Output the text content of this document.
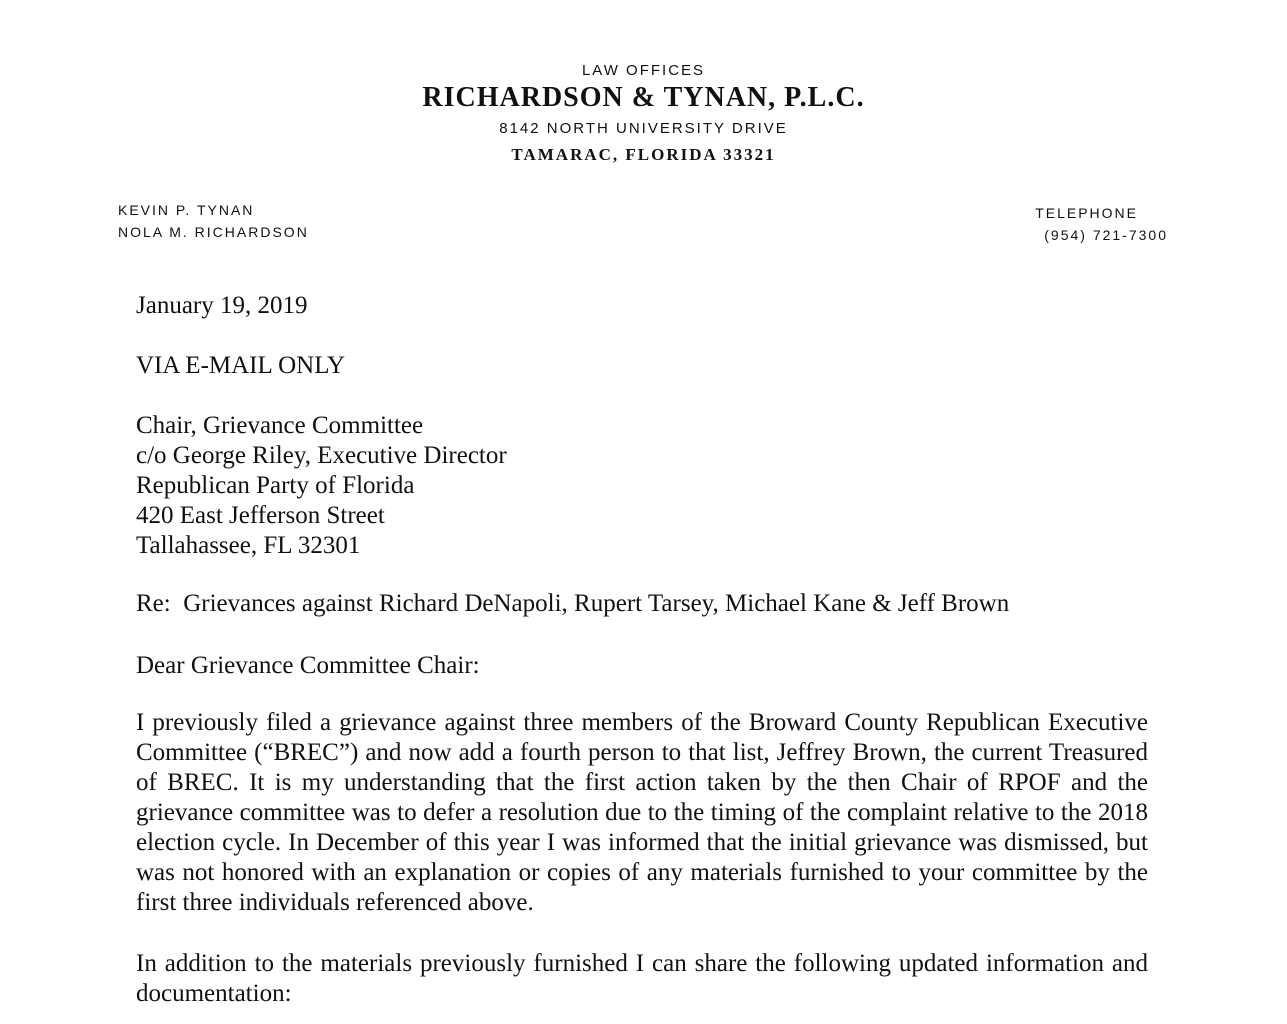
LAW OFFICES
RICHARDSON & TYNAN, P.L.C.
8142 NORTH UNIVERSITY DRIVE
TAMARAC, FLORIDA 33321
KEVIN P. TYNAN
NOLA M. RICHARDSON
TELEPHONE
(954) 721-7300
January 19, 2019
VIA E-MAIL ONLY
Chair, Grievance Committee
c/o George Riley, Executive Director
Republican Party of Florida
420 East Jefferson Street
Tallahassee, FL 32301
Re:  Grievances against Richard DeNapoli, Rupert Tarsey, Michael Kane & Jeff Brown
Dear Grievance Committee Chair:
I previously filed a grievance against three members of the Broward County Republican Executive Committee (“BREC”) and now add a fourth person to that list, Jeffrey Brown, the current Treasured of BREC. It is my understanding that the first action taken by the then Chair of RPOF and the grievance committee was to defer a resolution due to the timing of the complaint relative to the 2018 election cycle. In December of this year I was informed that the initial grievance was dismissed, but was not honored with an explanation or copies of any materials furnished to your committee by the first three individuals referenced above.
In addition to the materials previously furnished I can share the following updated information and documentation:
